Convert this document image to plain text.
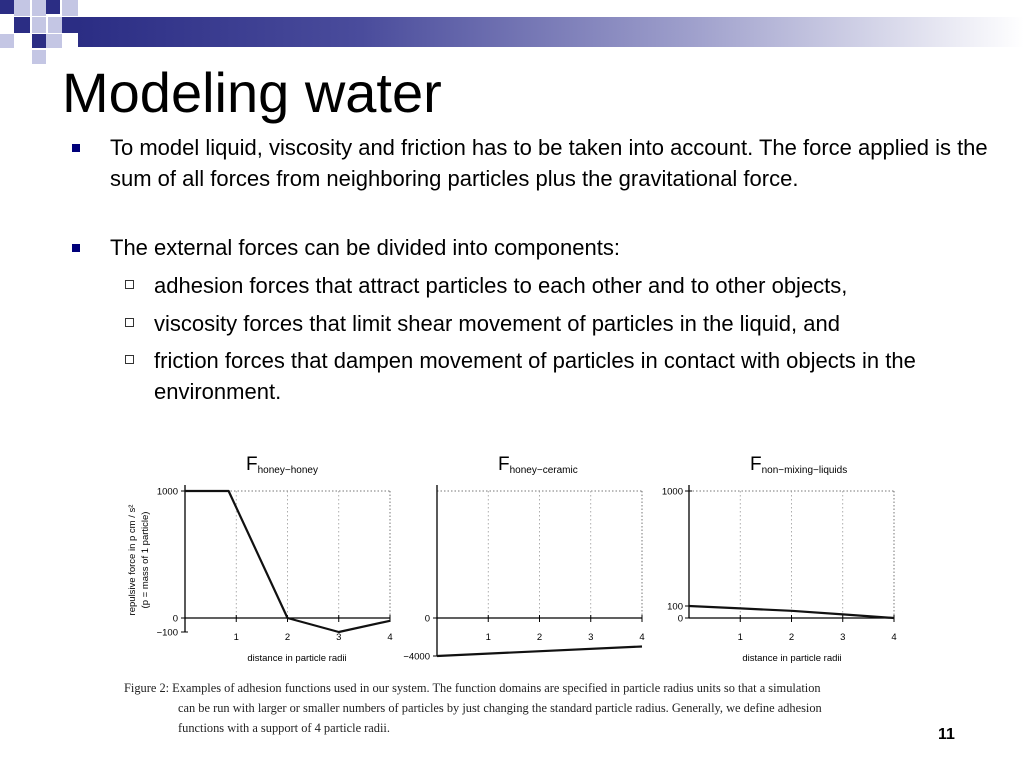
Modeling water
To model liquid, viscosity and friction has to be taken into account. The force applied is the sum of all forces from neighboring particles plus the gravitational force.
The external forces can be divided into components:
adhesion forces that attract particles to each other and to other objects,
viscosity forces that limit shear movement of particles in the liquid, and
friction forces that dampen movement of particles in contact with objects in the environment.
1	2	3	4
1000
0
−100
Fhoney−honey
distance in particle radii
repulsive force in p cm / s² (p = mass of 1 particle)
1	2	3	4
0
−4000
Fhoney−ceramic
1	2	3	4
1000
100
0
Fnon−mixing−liquids
distance in particle radii
Figure 2: Examples of adhesion functions used in our system. The function domains are specified in particle radius units so that a simulation
can be run with larger or smaller numbers of particles by just changing the standard particle radius. Generally, we define adhesion
functions with a support of 4 particle radii.	11
